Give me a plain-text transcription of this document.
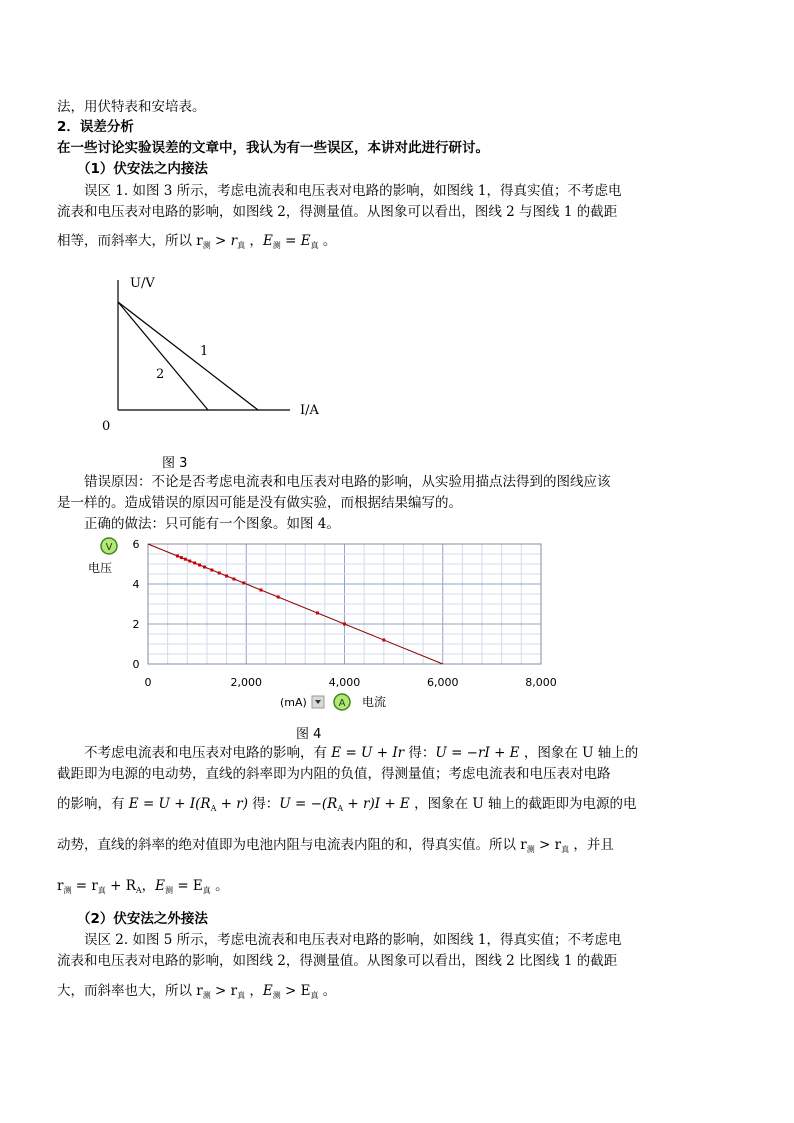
法，用伏特表和安培表。
2．误差分析
在一些讨论实验误差的文章中，我认为有一些误区，本讲对此进行研讨。
（1）伏安法之内接法
误区 1. 如图 3 所示，考虑电流表和电压表对电路的影响，如图线 1，得真实值；不考虑电
流表和电压表对电路的影响，如图线 2，得测量值。从图象可以看出，图线 2 与图线 1 的截距
相等，而斜率大，所以 $r_测 > r_真$ ，$E_测 = E_真$ 。
U/V
I/A
0
1
2
图 3
错误原因：不论是否考虑电流表和电压表对电路的影响，从实验用描点法得到的图线应该
是一样的。造成错误的原因可能是没有做实验，而根据结果编写的。
正确的做法：只可能有一个图象。如图 4。
0
2
4
6
0	2,000	4,000	6,000	8,000
V
电压
(mA)	A 电流
图 4
不考虑电流表和电压表对电路的影响，有 E = U + Ir 得：U = −rI + E ，图象在 U 轴上的
截距即为电源的电动势，直线的斜率即为内阻的负值，得测量值；考虑电流表和电压表对电路
的影响，有 $E = U + I(R_A + r)$ 得：$U = -(R_A + r)I + E$ ，图象在 U 轴上的截距即为电源的电
动势，直线的斜率的绝对值即为电池内阻与电流表内阻的和，得真实值。所以 $r_测 > r_真$ ，并且
$r_测 = r_真 + R_A$，$E_测 = E_真$ 。
（2）伏安法之外接法
误区 2. 如图 5 所示，考虑电流表和电压表对电路的影响，如图线 1，得真实值；不考虑电
流表和电压表对电路的影响，如图线 2，得测量值。从图象可以看出，图线 2 比图线 1 的截距
大，而斜率也大，所以 $r_测 > r_真$ ，$E_测 > E_真$ 。
